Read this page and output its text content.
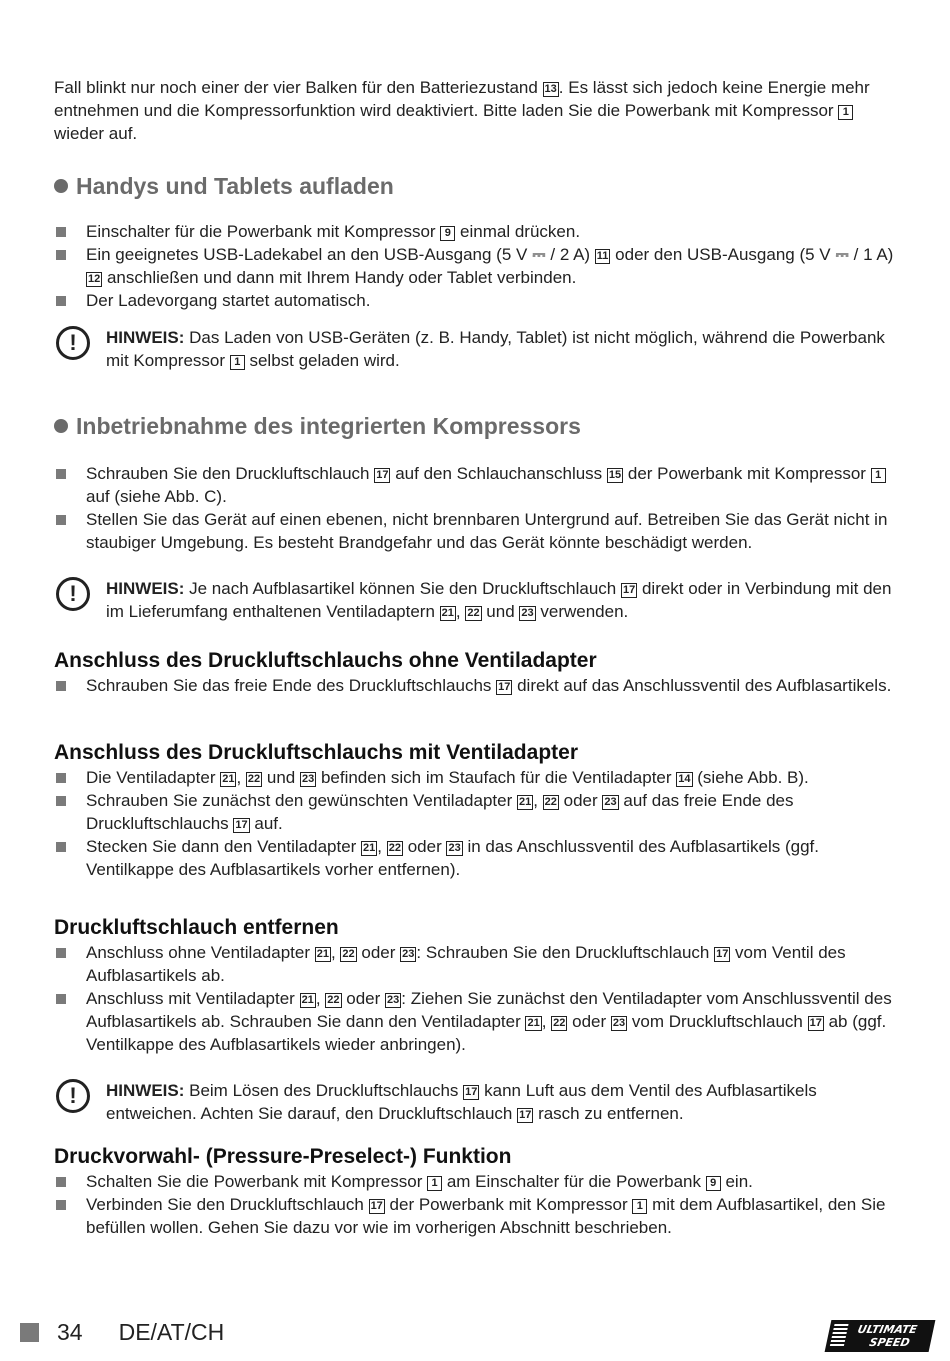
Fall blinkt nur noch einer der vier Balken für den Batteriezustand 13 . Es lässt sich jedoch keine Energie mehr entnehmen und die Kompressorfunktion wird deaktiviert. Bitte laden Sie die Powerbank mit Kompressor 1 wieder auf.

Handys und Tablets aufladen
Einschalter für die Powerbank mit Kompressor 9 einmal drücken.
Ein geeignetes USB-Ladekabel an den USB-Ausgang (5 V ⎓ / 2 A) 11 oder den USB-Ausgang (5 V ⎓ / 1 A) 12 anschließen und dann mit Ihrem Handy oder Tablet verbinden.
Der Ladevorgang startet automatisch.
!	HINWEIS: Das Laden von USB-Geräten (z. B. Handy, Tablet) ist nicht möglich, während die Powerbank mit Kompressor 1 selbst geladen wird.
Inbetriebnahme des integrierten Kompressors
Schrauben Sie den Druckluftschlauch 17 auf den Schlauchanschluss 15 der Powerbank mit Kompressor 1 auf (siehe Abb. C).
Stellen Sie das Gerät auf einen ebenen, nicht brennbaren Untergrund auf. Betreiben Sie das Gerät nicht in staubiger Umgebung. Es besteht Brandgefahr und das Gerät könnte beschädigt werden.
!	HINWEIS: Je nach Aufblasartikel können Sie den Druckluftschlauch 17 direkt oder in Verbindung mit den im Lieferumfang enthaltenen Ventiladaptern 21 , 22 und 23 verwenden.
Anschluss des Druckluftschlauchs ohne Ventiladapter
Schrauben Sie das freie Ende des Druckluftschlauchs 17 direkt auf das Anschlussventil des Aufblasartikels.
Anschluss des Druckluftschlauchs mit Ventiladapter
Die Ventiladapter 21 , 22 und 23 befinden sich im Staufach für die Ventiladapter 14 (siehe Abb. B).
Schrauben Sie zunächst den gewünschten Ventiladapter 21 , 22 oder 23 auf das freie Ende des Druckluftschlauchs 17 auf.
Stecken Sie dann den Ventiladapter 21 , 22 oder 23 in das Anschlussventil des Aufblasartikels (ggf. Ventilkappe des Aufblasartikels vorher entfernen).
Druckluftschlauch entfernen
Anschluss ohne Ventiladapter 21 , 22 oder 23 : Schrauben Sie den Druckluftschlauch 17 vom Ventil des Aufblasartikels ab.
Anschluss mit Ventiladapter 21 , 22 oder 23 : Ziehen Sie zunächst den Ventiladapter vom Anschlussventil des Aufblasartikels ab. Schrauben Sie dann den Ventiladapter 21 , 22 oder 23 vom Druckluftschlauch 17 ab (ggf. Ventilkappe des Aufblasartikels wieder anbringen).
!	HINWEIS: Beim Lösen des Druckluftschlauchs 17 kann Luft aus dem Ventil des Aufblasartikels entweichen. Achten Sie darauf, den Druckluftschlauch 17 rasch zu entfernen.
Druckvorwahl- (Pressure-Preselect-) Funktion
Schalten Sie die Powerbank mit Kompressor 1 am Einschalter für die Powerbank 9 ein.
Verbinden Sie den Druckluftschlauch 17 der Powerbank mit Kompressor 1 mit dem Aufblasartikel, den Sie befüllen wollen. Gehen Sie dazu vor wie im vorherigen Abschnitt beschrieben.
34 DE/AT/CH	ULTIMATE
SPEED
